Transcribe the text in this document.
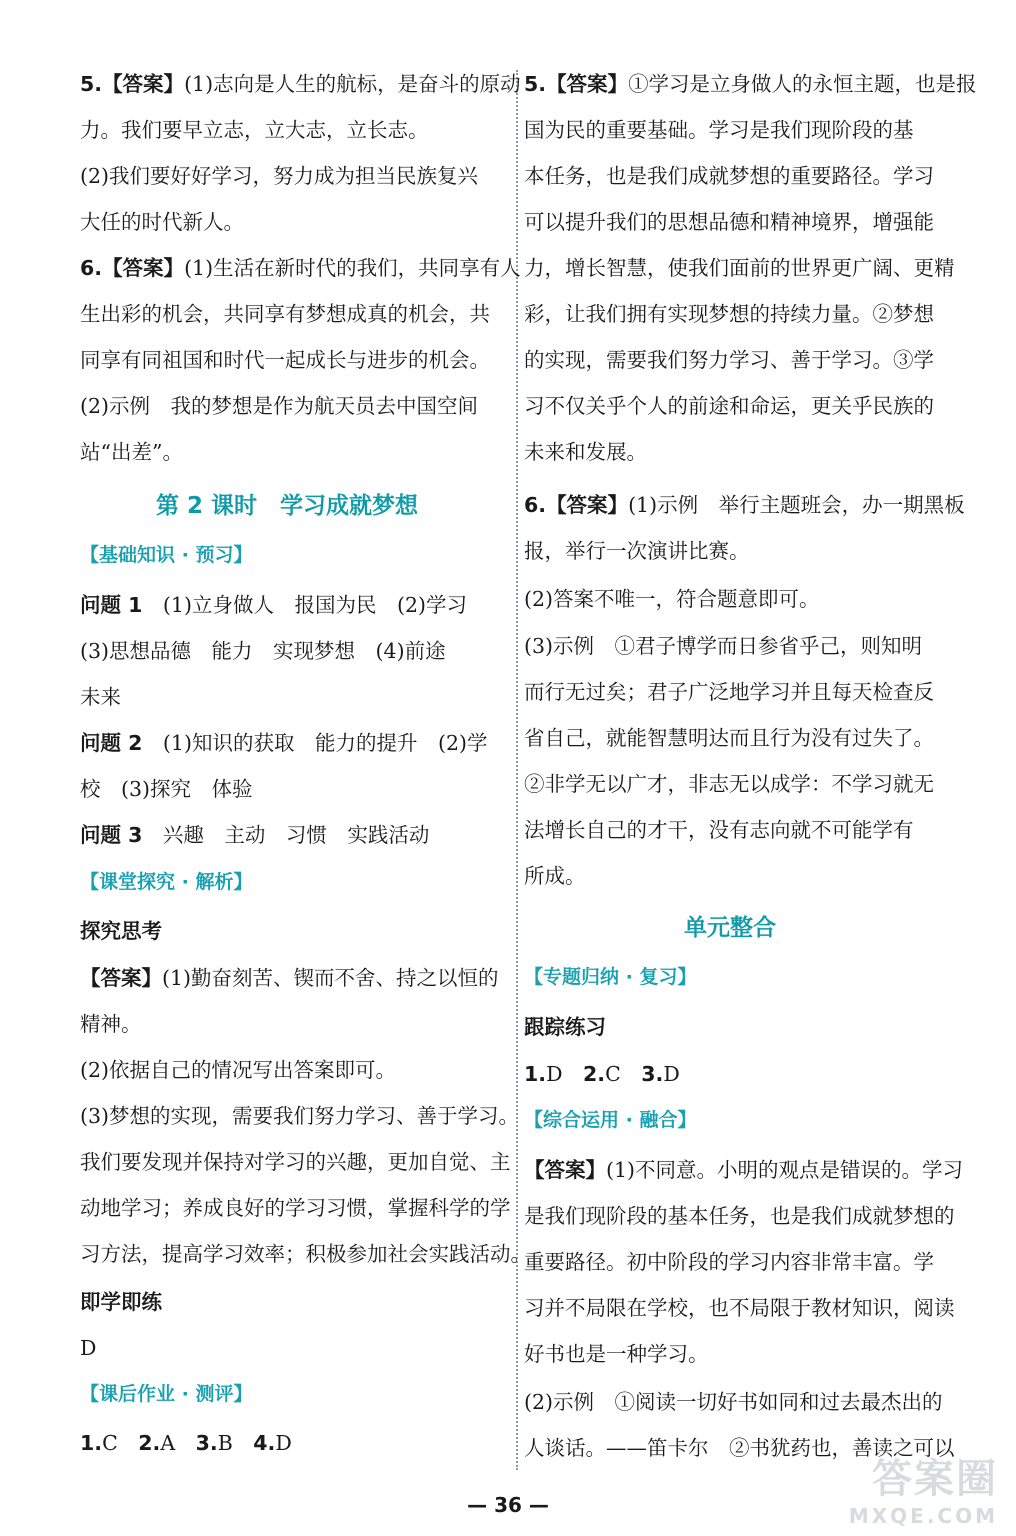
5.【答案】(1)志向是人生的航标，是奋斗的原动
力。我们要早立志，立大志，立长志。
(2)我们要好好学习，努力成为担当民族复兴
大任的时代新人。
6.【答案】(1)生活在新时代的我们，共同享有人
生出彩的机会，共同享有梦想成真的机会，共
同享有同祖国和时代一起成长与进步的机会。
(2)示例　我的梦想是作为航天员去中国空间
站“出差”。
第 2 课时　学习成就梦想
【基础知识 · 预习】
问题 1　 (1)立身做人　报国为民　(2)学习
(3)思想品德　能力　实现梦想　(4)前途
未来
问题 2　 (1)知识的获取　能力的提升　(2)学
校　(3)探究　体验
问题 3　 兴趣　主动　习惯　实践活动
【课堂探究 · 解析】
探究思考
【答案】(1)勤奋刻苦、锲而不舍、持之以恒的
精神。
(2)依据自己的情况写出答案即可。
(3)梦想的实现，需要我们努力学习、善于学习。
我们要发现并保持对学习的兴趣，更加自觉、主
动地学习；养成良好的学习习惯，掌握科学的学
习方法，提高学习效率；积极参加社会实践活动。
即学即练
D
【课后作业 · 测评】
1.C　 2.A　 3.B　 4.D
5.【答案】①学习是立身做人的永恒主题，也是报
国为民的重要基础。学习是我们现阶段的基
本任务，也是我们成就梦想的重要路径。学习
可以提升我们的思想品德和精神境界，增强能
力，增长智慧，使我们面前的世界更广阔、更精
彩，让我们拥有实现梦想的持续力量。②梦想
的实现，需要我们努力学习、善于学习。③学
习不仅关乎个人的前途和命运，更关乎民族的
未来和发展。
6.【答案】(1)示例　举行主题班会，办一期黑板
报，举行一次演讲比赛。
(2)答案不唯一，符合题意即可。
(3)示例　①君子博学而日参省乎己，则知明
而行无过矣；君子广泛地学习并且每天检查反
省自己，就能智慧明达而且行为没有过失了。
②非学无以广才，非志无以成学：不学习就无
法增长自己的才干，没有志向就不可能学有
所成。
单元整合
【专题归纳 · 复习】
跟踪练习
1.D　 2.C　 3.D
【综合运用 · 融合】
【答案】(1)不同意。小明的观点是错误的。学习
是我们现阶段的基本任务，也是我们成就梦想的
重要路径。初中阶段的学习内容非常丰富。学
习并不局限在学校，也不局限于教材知识，阅读
好书也是一种学习。
(2)示例　①阅读一切好书如同和过去最杰出的
人谈话。——笛卡尔　②书犹药也，善读之可以
— 36 —
答案圈
MXQE.COM
